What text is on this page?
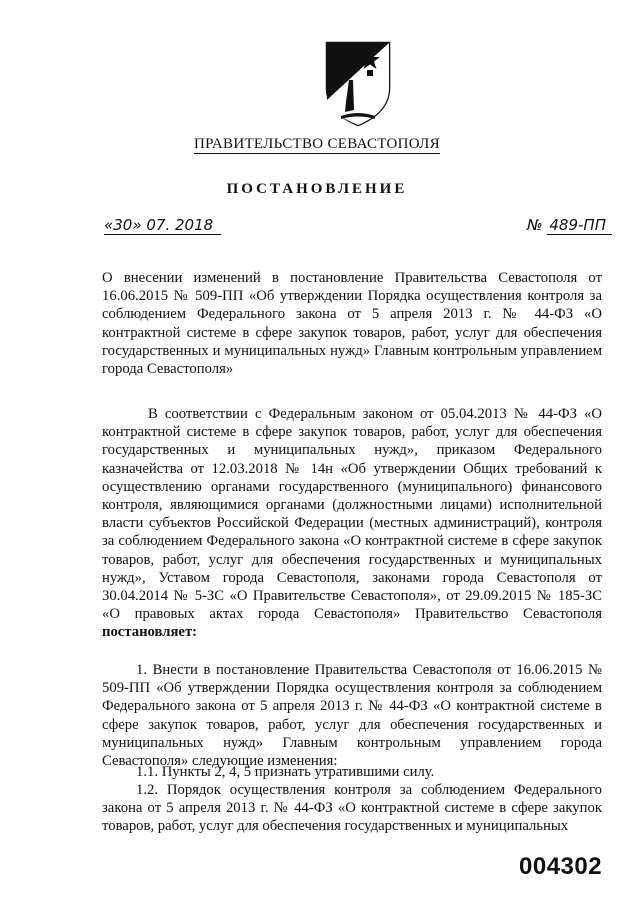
ПРАВИТЕЛЬСТВО СЕВАСТОПОЛЯ
ПОСТАНОВЛЕНИЕ
«30» 07. 2018	№ 489-ПП
О внесении изменений в постановление Правительства Севастополя от 16.06.2015 № 509-ПП «Об утверждении Порядка осуществления контроля за соблюдением Федерального закона от 5 апреля 2013 г. № 44-ФЗ «О контрактной системе в сфере закупок товаров, работ, услуг для обеспечения государственных и муниципальных нужд» Главным контрольным управлением города Севастополя»
В соответствии с Федеральным законом от 05.04.2013 № 44-ФЗ «О контрактной системе в сфере закупок товаров, работ, услуг для обеспечения государственных и муниципальных нужд», приказом Федерального казначейства от 12.03.2018 № 14н «Об утверждении Общих требований к осуществлению органами государственного (муниципального) финансового контроля, являющимися органами (должностными лицами) исполнительной власти субъектов Российской Федерации (местных администраций), контроля за соблюдением Федерального закона «О контрактной системе в сфере закупок товаров, работ, услуг для обеспечения государственных и муниципальных нужд», Уставом города Севастополя, законами города Севастополя от 30.04.2014 № 5-ЗС «О Правительстве Севастополя», от 29.09.2015 № 185-ЗС «О правовых актах города Севастополя» Правительство Севастополя постановляет:
1. Внести в постановление Правительства Севастополя от 16.06.2015 № 509-ПП «Об утверждении Порядка осуществления контроля за соблюдением Федерального закона от 5 апреля 2013 г. № 44-ФЗ «О контрактной системе в сфере закупок товаров, работ, услуг для обеспечения государственных и муниципальных нужд» Главным контрольным управлением города Севастополя» следующие изменения:
1.1. Пункты 2, 4, 5 признать утратившими силу.
1.2. Порядок осуществления контроля за соблюдением Федерального закона от 5 апреля 2013 г. № 44-ФЗ «О контрактной системе в сфере закупок товаров, работ, услуг для обеспечения государственных и муниципальных
004302
